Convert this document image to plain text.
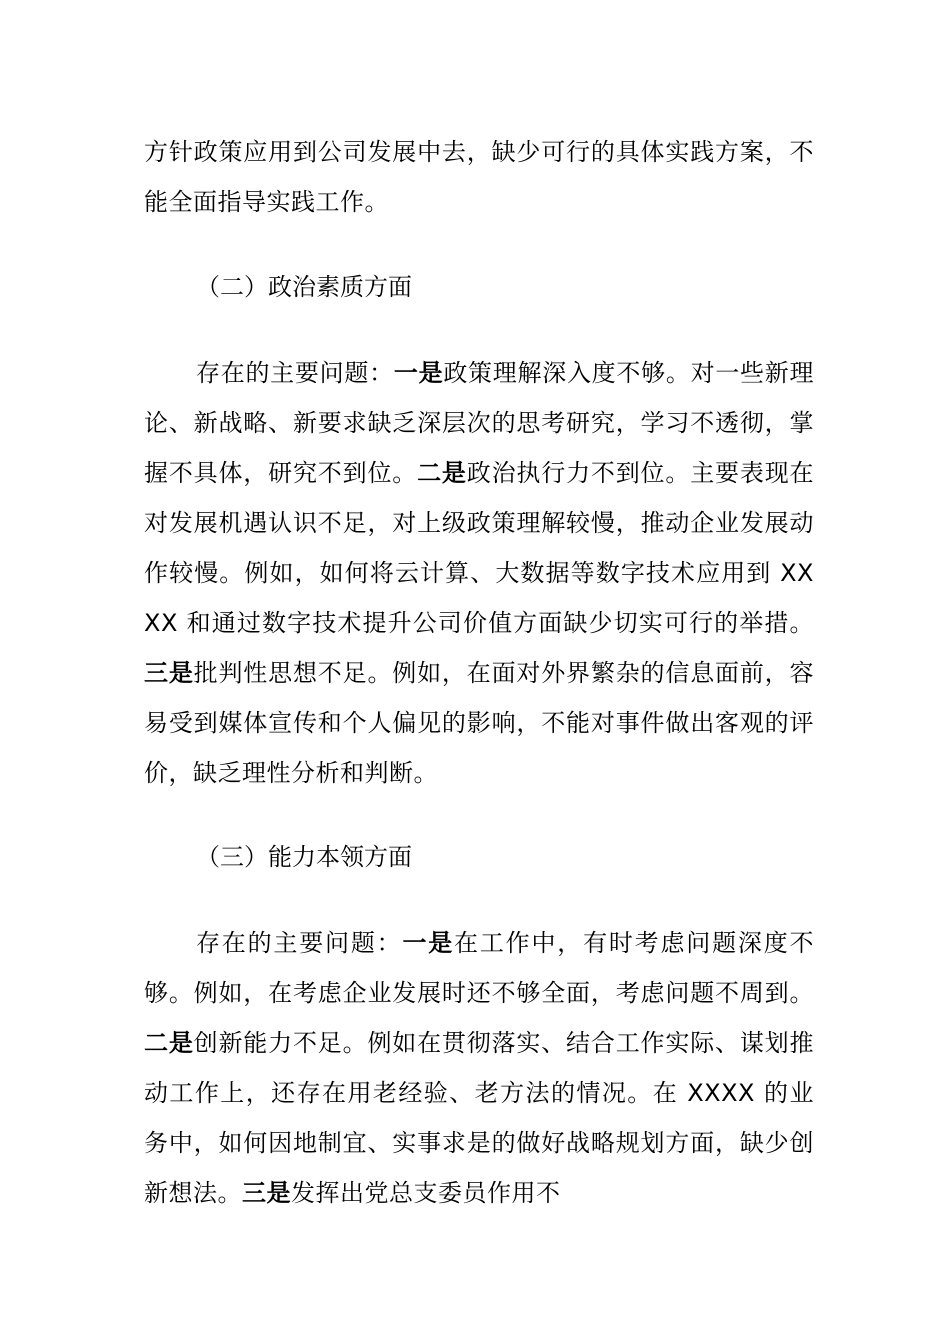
方针政策应用到公司发展中去，缺少可行的具体实践方案，不能全面指导实践工作。

（二）政治素质方面

存在的主要问题：一是政策理解深入度不够。对一些新理论、新战略、新要求缺乏深层次的思考研究，学习不透彻，掌握不具体，研究不到位。二是政治执行力不到位。主要表现在对发展机遇认识不足，对上级政策理解较慢，推动企业发展动作较慢。例如，如何将云计算、大数据等数字技术应用到 XXXX 和通过数字技术提升公司价值方面缺少切实可行的举措。三是批判性思想不足。例如，在面对外界繁杂的信息面前，容易受到媒体宣传和个人偏见的影响，不能对事件做出客观的评价，缺乏理性分析和判断。

（三）能力本领方面

存在的主要问题：一是在工作中，有时考虑问题深度不够。例如，在考虑企业发展时还不够全面，考虑问题不周到。二是创新能力不足。例如在贯彻落实、结合工作实际、谋划推动工作上，还存在用老经验、老方法的情况。在 XXXX 的业务中，如何因地制宜、实事求是的做好战略规划方面，缺少创新想法。三是发挥出党总支委员作用不
